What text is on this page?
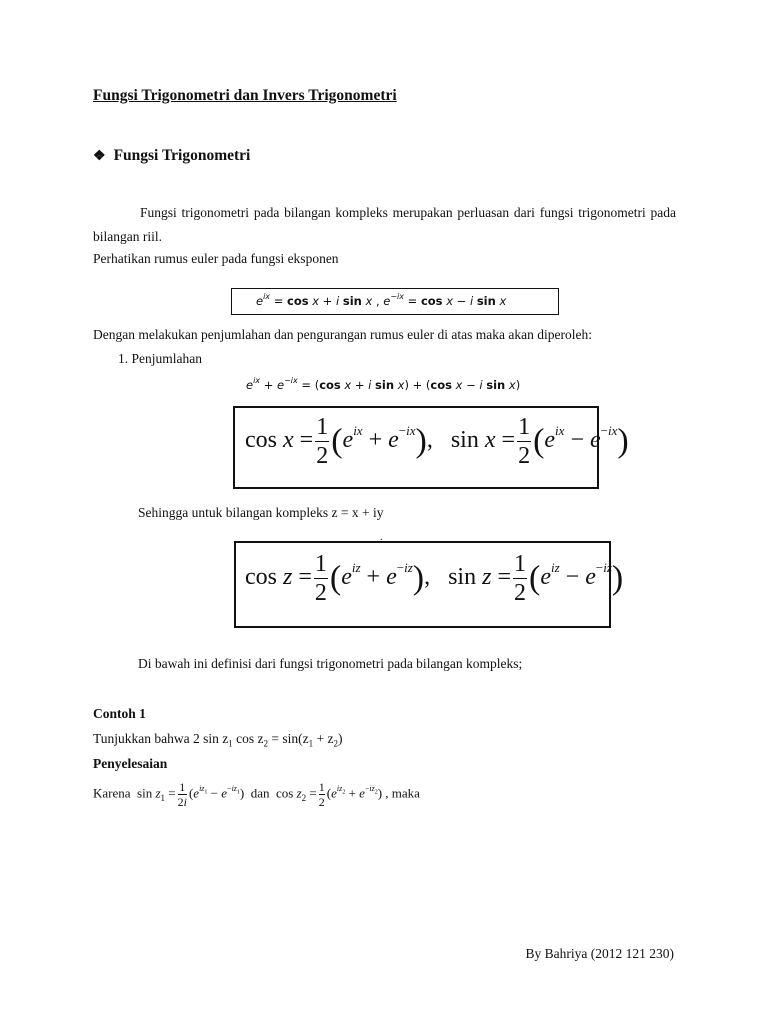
Fungsi Trigonometri dan Invers Trigonometri
❖ Fungsi Trigonometri
Fungsi trigonometri pada bilangan kompleks merupakan perluasan dari fungsi trigonometri pada bilangan riil.
Perhatikan rumus euler pada fungsi eksponen
$e^{ix} = \cos x + i$ sin x , $e^{-ix} = \cos x - i$ sin x
Dengan melakukan penjumlahan dan pengurangan rumus euler di atas maka akan diperoleh:
1. Penjumlahan
$e^{ix} + e^{-ix} = (\cos$ x + i sin x) + (cos x − i sin x)
$\cos x = \frac{1}{2} (e^{ix} + e^{-ix})$,   $\sin x = \frac{1}{2} (e^{ix} - e^{-ix})$
Sehingga untuk bilangan kompleks z = x + iy
.
$\cos z = \frac{1}{2} (e^{iz} + e^{-iz})$,   $\sin z = \frac{1}{2} (e^{iz} - e^{-iz})$
Di bawah ini definisi dari fungsi trigonometri pada bilangan kompleks;
Contoh 1
Tunjukkan bahwa 2 $\sin z_1$ $\cos z_2 = \sin(z_1 + z_2)$
Penyelesaian
Karena  $\sin z_1 = \frac{1}{2i} (e^{iz_1} - e^{-iz_1})$  dan  $\cos z_2 = \frac{1}{2} (e^{iz_2} + e^{-iz_2})$ , maka
By Bahriya (2012 121 230)
